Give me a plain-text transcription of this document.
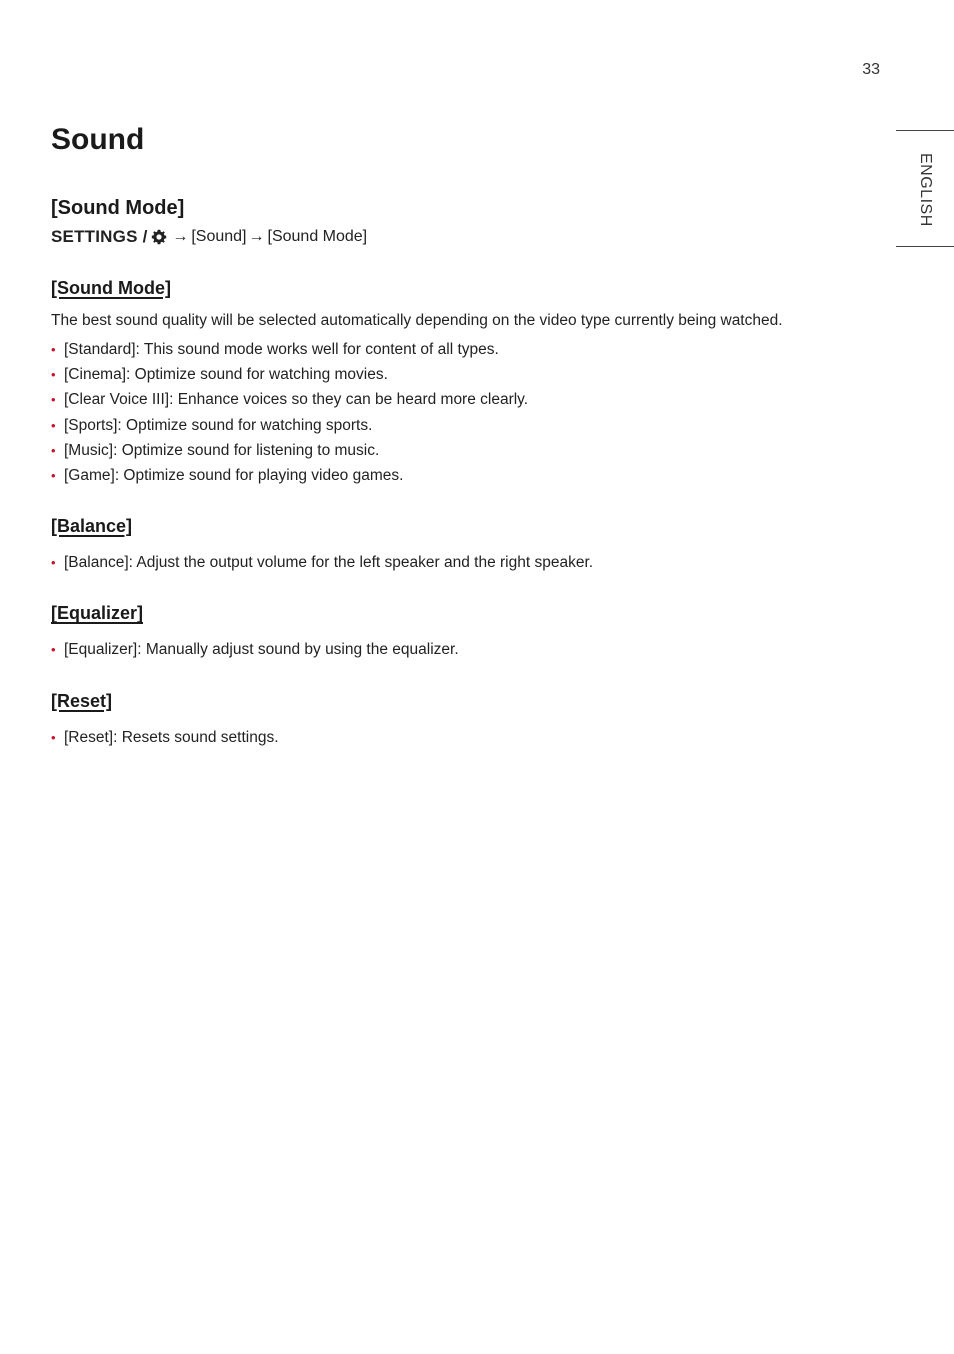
33
ENGLISH
Sound
[Sound Mode]
SETTINGS / → [Sound] → [Sound Mode]
[Sound Mode]
The best sound quality will be selected automatically depending on the video type currently being watched.
• [Standard]: This sound mode works well for content of all types.
• [Cinema]: Optimize sound for watching movies.
• [Clear Voice III]: Enhance voices so they can be heard more clearly.
• [Sports]: Optimize sound for watching sports.
• [Music]: Optimize sound for listening to music.
• [Game]: Optimize sound for playing video games.
[Balance]
• [Balance]: Adjust the output volume for the left speaker and the right speaker.
[Equalizer]
• [Equalizer]: Manually adjust sound by using the equalizer.
[Reset]
• [Reset]: Resets sound settings.
